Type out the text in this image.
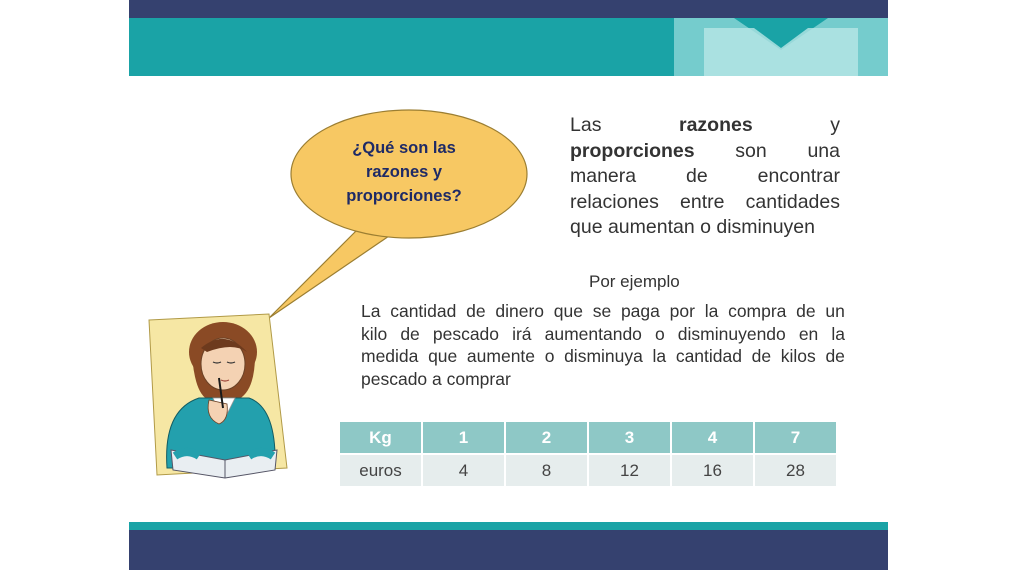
¿Qué son las
razones y
proporciones?
Las	razones	y
proporciones son una
manera	de	encontrar
relaciones entre cantidades
que aumentan o disminuyen
Por ejemplo
La cantidad de dinero que se paga por la compra de un
kilo de pescado irá aumentando o disminuyendo en la
medida que aumente o disminuya la cantidad de kilos de
pescado a comprar
Kg	1	2	3	4	7
euros	4	8	12	16	28
